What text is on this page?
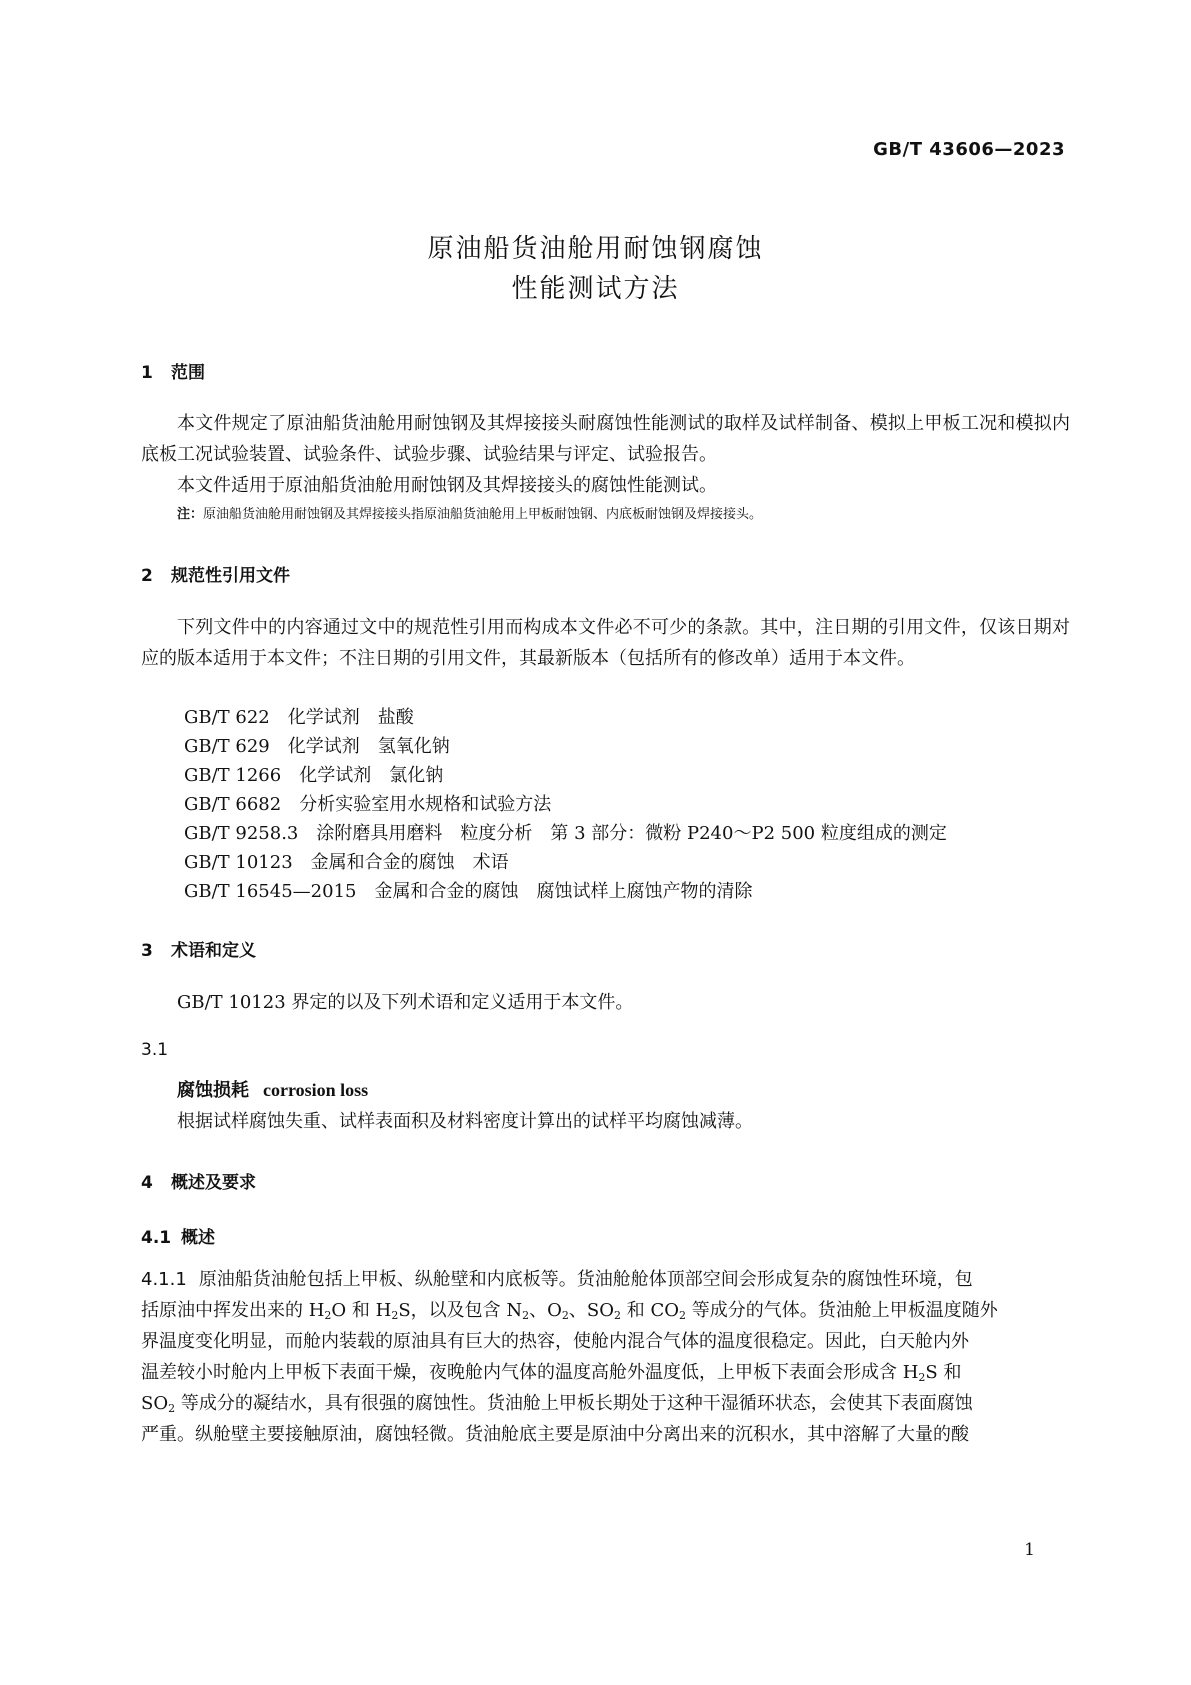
GB/T 43606—2023
原油船货油舱用耐蚀钢腐蚀
性能测试方法
1 范围
本文件规定了原油船货油舱用耐蚀钢及其焊接接头耐腐蚀性能测试的取样及试样制备、模拟上甲板工况和模拟内底板工况试验装置、试验条件、试验步骤、试验结果与评定、试验报告。
本文件适用于原油船货油舱用耐蚀钢及其焊接接头的腐蚀性能测试。
注：原油船货油舱用耐蚀钢及其焊接接头指原油船货油舱用上甲板耐蚀钢、内底板耐蚀钢及焊接接头。
2 规范性引用文件
下列文件中的内容通过文中的规范性引用而构成本文件必不可少的条款。其中，注日期的引用文件，仅该日期对应的版本适用于本文件；不注日期的引用文件，其最新版本（包括所有的修改单）适用于本文件。
GB/T 622　化学试剂　盐酸
GB/T 629　化学试剂　氢氧化钠
GB/T 1266　化学试剂　氯化钠
GB/T 6682　分析实验室用水规格和试验方法
GB/T 9258.3　涂附磨具用磨料　粒度分析　第 3 部分：微粉 P240～P2 500 粒度组成的测定
GB/T 10123　金属和合金的腐蚀　术语
GB/T 16545—2015　金属和合金的腐蚀　腐蚀试样上腐蚀产物的清除
3 术语和定义
GB/T 10123 界定的以及下列术语和定义适用于本文件。
3.1
腐蚀损耗 corrosion loss
根据试样腐蚀失重、试样表面积及材料密度计算出的试样平均腐蚀减薄。
4 概述及要求
4.1 概述
4.1.1 原油船货油舱包括上甲板、纵舱壁和内底板等。货油舱舱体顶部空间会形成复杂的腐蚀性环境，包
括原油中挥发出来的 $H_2O$ 和 $H_2S$，以及包含 $N_2$、$O_2$、$SO_2$ 和 $CO_2$ 等成分的气体。货油舱上甲板温度随外
界温度变化明显，而舱内装载的原油具有巨大的热容，使舱内混合气体的温度很稳定。因此，白天舱内外
温差较小时舱内上甲板下表面干燥，夜晚舱内气体的温度高舱外温度低，上甲板下表面会形成含 $H_2S$ 和
$SO_2$ 等成分的凝结水，具有很强的腐蚀性。货油舱上甲板长期处于这种干湿循环状态，会使其下表面腐蚀
严重。纵舱壁主要接触原油，腐蚀轻微。货油舱底主要是原油中分离出来的沉积水，其中溶解了大量的酸
1
